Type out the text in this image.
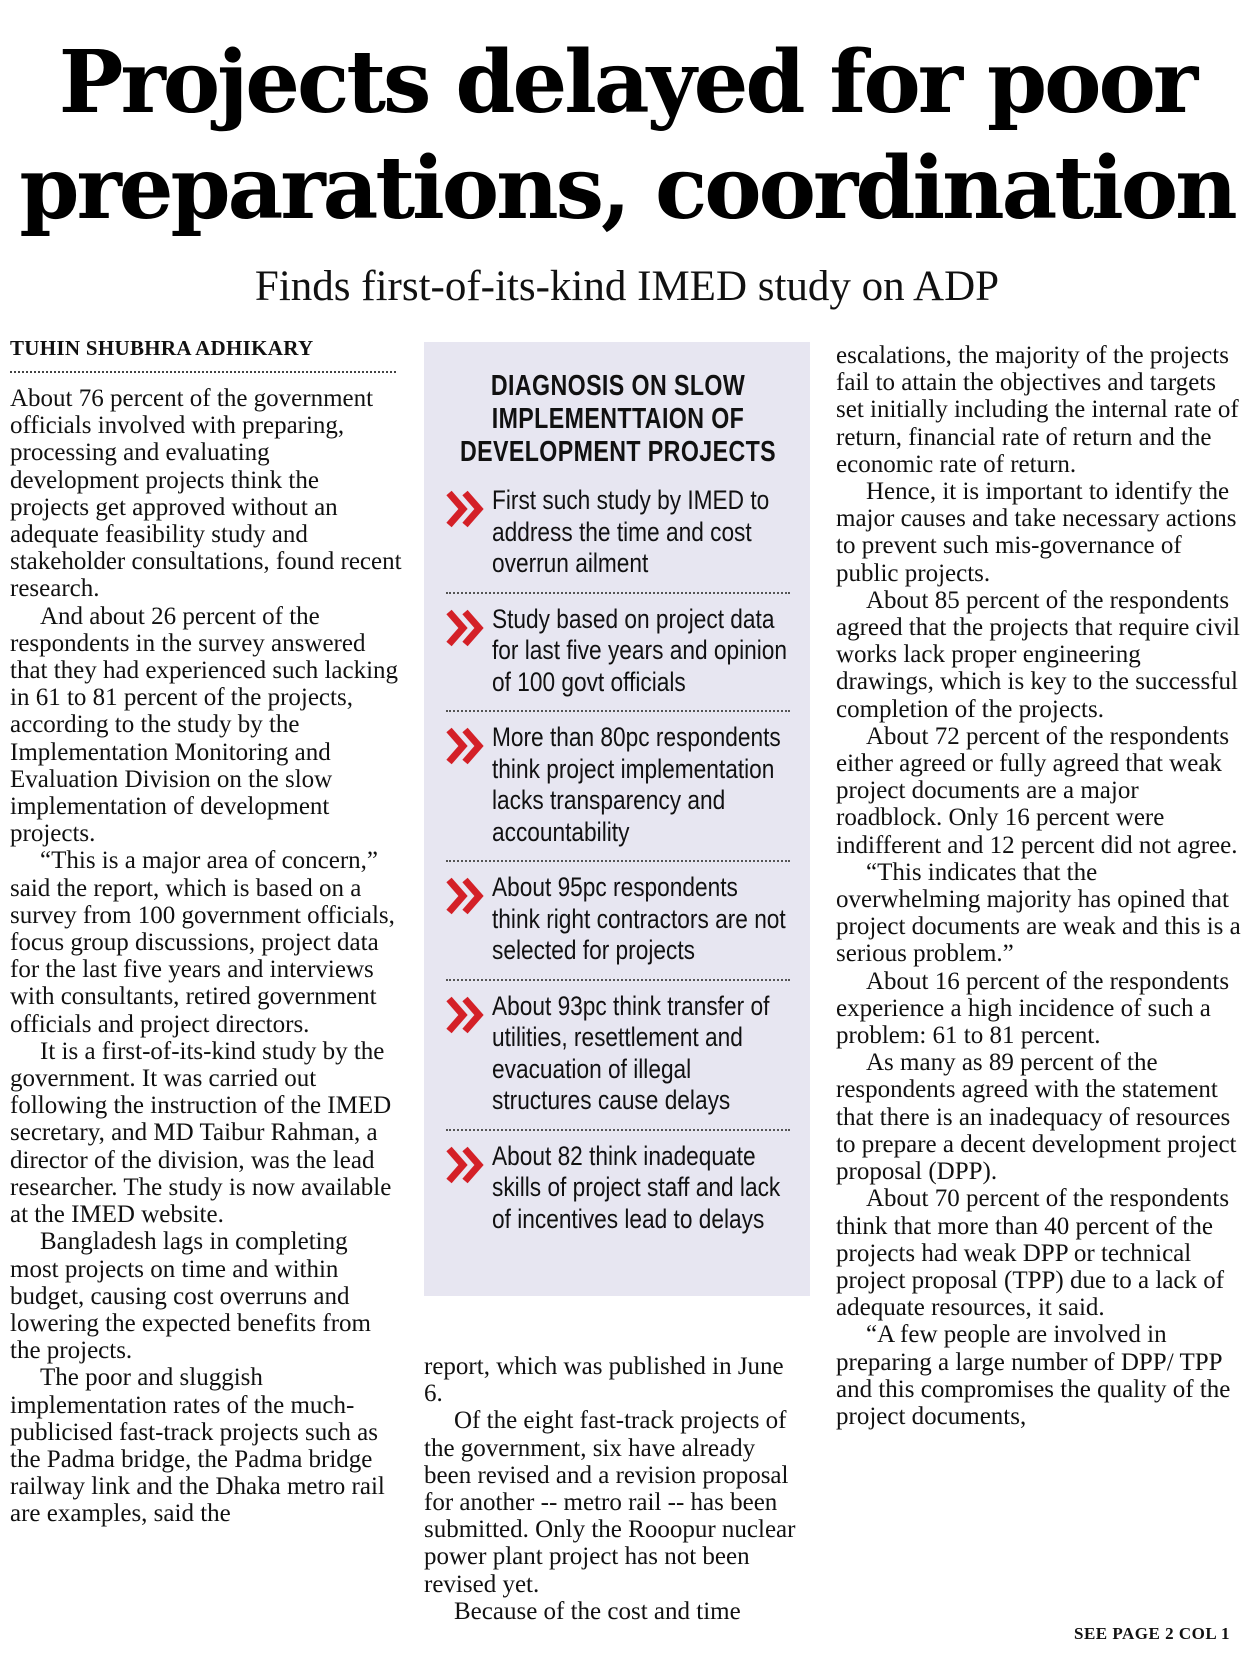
Projects delayed for poor
preparations, coordination
Finds first-of-its-kind IMED study on ADP
TUHIN SHUBHRA ADHIKARY

About 76 percent of the government officials involved with preparing, processing and evaluating development projects think the projects get approved without an adequate feasibility study and stakeholder consultations, found recent research.

And about 26 percent of the respondents in the survey answered that they had experienced such lacking in 61 to 81 percent of the projects, according to the study by the Implementation Monitoring and Evaluation Division on the slow implementation of development projects.

“This is a major area of concern,” said the report, which is based on a survey from 100 government officials, focus group discussions, project data for the last five years and interviews with consultants, retired government officials and project directors.

It is a first-of-its-kind study by the government. It was carried out following the instruction of the IMED secretary, and MD Taibur Rahman, a director of the division, was the lead researcher. The study is now available at the IMED website.

Bangladesh lags in completing most projects on time and within budget, causing cost overruns and lowering the expected benefits from the projects.

The poor and sluggish implementation rates of the much-publicised fast-track projects such as the Padma bridge, the Padma bridge railway link and the Dhaka metro rail are examples, said the

DIAGNOSIS ON SLOW
IMPLEMENTTAION OF
DEVELOPMENT PROJECTS
First such study by IMED to address the time and cost overrun ailment
Study based on project data for last five years and opinion of 100 govt officials
More than 80pc respondents think project implementation lacks transparency and accountability
About 95pc respondents think right contractors are not selected for projects
About 93pc think transfer of utilities, resettlement and evacuation of illegal structures cause delays
About 82 think inadequate skills of project staff and lack of incentives lead to delays

report, which was published in June 6.

Of the eight fast-track projects of the government, six have already been revised and a revision proposal for another -- metro rail -- has been submitted. Only the Rooopur nuclear power plant project has not been revised yet.

Because of the cost and time

escalations, the majority of the projects fail to attain the objectives and targets set initially including the internal rate of return, financial rate of return and the economic rate of return.

Hence, it is important to identify the major causes and take necessary actions to prevent such mis-governance of public projects.

About 85 percent of the respondents agreed that the projects that require civil works lack proper engineering drawings, which is key to the successful completion of the projects.

About 72 percent of the respondents either agreed or fully agreed that weak project documents are a major roadblock. Only 16 percent were indifferent and 12 percent did not agree.

“This indicates that the overwhelming majority has opined that project documents are weak and this is a serious problem.”

About 16 percent of the respondents experience a high incidence of such a problem: 61 to 81 percent.

As many as 89 percent of the respondents agreed with the statement that there is an inadequacy of resources to prepare a decent development project proposal (DPP).

About 70 percent of the respondents think that more than 40 percent of the projects had weak DPP or technical project proposal (TPP) due to a lack of adequate resources, it said.

“A few people are involved in preparing a large number of DPP/ TPP and this compromises the quality of the project documents,

SEE PAGE 2 COL 1
